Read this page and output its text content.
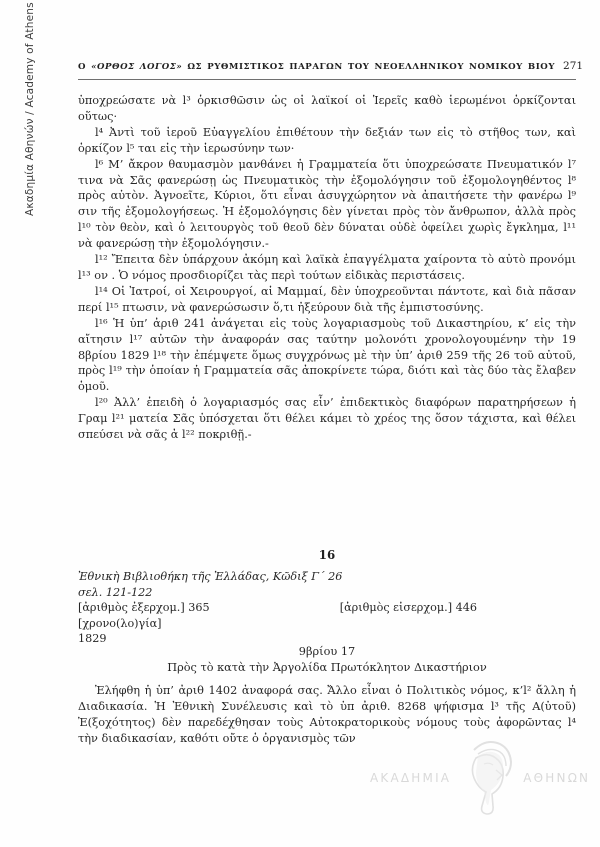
Ακαδημία Αθηνών / Academy of Athens	Ο «ΟΡΘΟΣ ΛΟΓΟΣ» ΩΣ ΡΥΘΜΙΣΤΙΚΟΣ ΠΑΡΑΓΩΝ ΤΟΥ ΝΕΟΕΛΛΗΝΙΚΟΥ ΝΟΜΙΚΟΥ ΒΙΟΥ 271

ὑποχρεώσατε νὰ l³ ὁρκισθῶσιν ὡς οἱ λαϊκοί οἱ Ἱερεῖς καθὸ ἱερωμένοι ὁρκίζονται οὕτως·

l⁴ Ἀντὶ τοῦ ἱεροῦ Εὐαγγελίου ἐπιθέτουν τὴν δεξιάν των εἰς τὸ στῆθος των, καὶ ὁρκίζον l⁵ ται εἰς τὴν ἱερωσύνην των·

l⁶ Μ’ ἄκρον θαυμασμὸν μανθάνει ἡ Γραμματεία ὅτι ὑποχρεώσατε Πνευματικόν l⁷ τινα νὰ Σᾶς φανερώσῃ ὡς Πνευματικὸς τὴν ἐξομολόγησιν τοῦ ἐξομολογηθέντος l⁸ πρὸς αὐτὸν. Ἀγνοεῖτε, Κύριοι, ὅτι εἶναι ἀσυγχώρητον νὰ ἀπαιτήσετε τὴν φανέρω l⁹ σιν τῆς ἐξομολογήσεως. Ἡ ἐξομολόγησις δὲν γίνεται πρὸς τὸν ἄνθρωπον, ἀλλὰ πρὸς l¹⁰ τὸν θεὸν, καὶ ὁ λειτουργὸς τοῦ θεοῦ δὲν δύναται οὐδὲ ὀφείλει χωρὶς ἔγκλημα, l¹¹ νὰ φανερώσῃ τὴν ἐξομολόγησιν.-

l¹² Ἔπειτα δὲν ὑπάρχουν ἀκόμη καὶ λαϊκὰ ἐπαγγέλματα χαίροντα τὸ αὐτὸ προνόμι l¹³ ον . Ὁ νόμος προσδιορίζει τὰς περὶ τούτων εἰδικὰς περιστάσεις.

l¹⁴ Οἱ Ἰατροί, οἱ Χειρουργοί, αἱ Μαμμαί, δὲν ὑποχρεοῦνται πάντοτε, καὶ διὰ πᾶσαν περί l¹⁵ πτωσιν, νὰ φανερώσωσιν ὅ,τι ἠξεύρουν διὰ τῆς ἐμπιστοσύνης.

l¹⁶ Ἡ ὑπ’ ἀριθ 241 ἀνάγεται εἰς τοὺς λογαριασμοὺς τοῦ Δικαστηρίου, κ’ εἰς τὴν αἴτησιν l¹⁷ αὐτῶν τὴν ἀναφοράν σας ταύτην μολονότι χρονολογουμένην τὴν 19 8βρίου 1829 l¹⁸ τὴν ἐπέμψετε ὅμως συγχρόνως μὲ τὴν ὑπ’ ἀριθ 259 τῆς 26 τοῦ αὐτοῦ, πρὸς l¹⁹ τὴν ὁποίαν ἡ Γραμματεία σᾶς ἀποκρίνετε τώρα, διότι καὶ τὰς δύο τὰς ἔλαβεν ὁμοῦ.

l²⁰ Ἀλλ’ ἐπειδὴ ὁ λογαριασμός σας εἶν’ ἐπιδεκτικὸς διαφόρων παρατηρήσεων ἡ Γραμ l²¹ ματεία Σᾶς ὑπόσχεται ὅτι θέλει κάμει τὸ χρέος της ὅσον τάχιστα, καὶ θέλει σπεύσει νὰ σᾶς ἀ l²² ποκριθῇ.-

16
Ἐθνικὴ Βιβλιοθήκη τῆς Ἑλλάδας, Κῶδιξ Γ΄ 26
σελ. 121-122
[ἀριθμὸς ἐξερχομ.] 365	[ἀριθμὸς εἰσερχομ.] 446
[χρονο(λο)γία]
1829
9βρίου 17
Πρὸς τὸ κατὰ τὴν Ἀργολίδα Πρωτόκλητον Δικαστήριον

Ἐλήφθη ἡ ὑπ’ ἀριθ 1402 ἀναφορά σας. Ἄλλο εἶναι ὁ Πολιτικὸς νόμος, κ’l² ἄλλη ἡ Διαδικασία. Ἡ Ἐθνικὴ Συνέλευσις καὶ τὸ ὑπ ἀριθ. 8268 ψήφισμα l³ τῆς Α(ὐτοῦ) Ἐ(ξοχότητος) δὲν παρεδέχθησαν τοὺς Αὐτοκρατορικοὺς νόμους τοὺς ἀφορῶντας l⁴ τὴν διαδικασίαν, καθότι οὔτε ὁ ὀργανισμὸς τῶν

ΑΚΑΔΗΜΙΑ	ΑΘΗΝΩΝ
